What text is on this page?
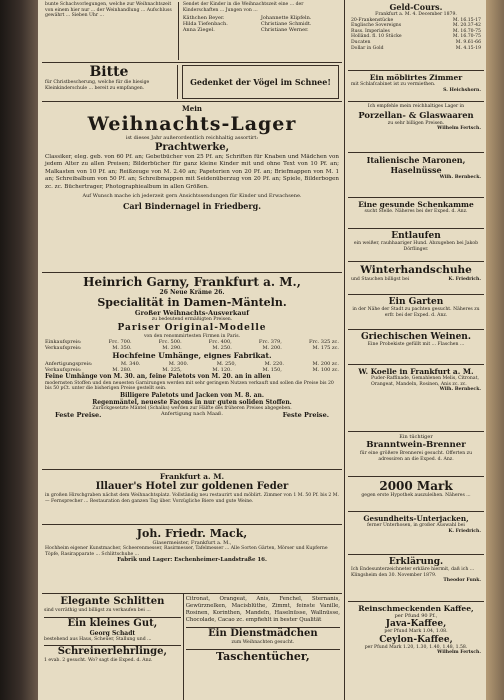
bunte Schachvorlegungen, welche zur Weihnachtszeit von einem hier nur ... der Weinhandlung ... Aufschluss gewährt ... Sieben Uhr ...
Sendet der Kinder in die Weihnachtszeit eine ... der Kinderschaften ... Jungen von ...
Käthchen Beyer.	Johannette Klipfeln.
Hilda Tiefenbach.	Christiane Schmidt.
Anna Ziegel.	Christiane Werner.
Bitte
für Christbescherung, welche für die hiesige Kleinkinderschule ... bereit zu empfangen.
Gedenket der Vögel im Schnee!
Mein
Weihnachts-Lager
ist dieses Jahr außerordentlich reichhaltig assortirt:
Prachtwerke,
Classiker, eleg. geb. von 60 Pf. an; Gebetbücher von 25 Pf. an; Schriften für Knaben und Mädchen von jedem Alter zu allen Preisen; Bilderbücher für ganz kleine Kinder mit und ohne Text von 10 Pf. an; Malkasten von 10 Pf. an; Reißzeuge von M. 2.40 an; Papeterien von 20 Pf. an; Briefmappen von M. 1 an; Schreibalbum von 50 Pf. an; Schreibmappen mit Seidenüberzug von 20 Pf. an; Spiele, Bilderbogen zc. zc. Büchertrager, Photographiealbum in allen Größen.
Auf Wunsch mache ich jederzeit gern Ansichtssendungen für Kinder und Erwachsene.
Carl Bindernagel in Friedberg.
Heinrich Garny, Frankfurt a. M.,
26 Neue Kräme 26.
Specialität in Damen-Mänteln.
Großer Weihnachts-Ausverkauf
zu bedeutend ermäßigten Preisen.
Pariser Original-Modelle
von den renommirtesten Firmen in Paris.
Einkaufspreis:	Frc. 700.	Frc. 500.	Frc. 400,	Frc. 379,	Frc. 325 zc.
Verkaufspreis:	M. 350.	M. 290.	M. 250.	M. 200.	M. 175 zc.
Hochfeine Umhänge, eignes Fabrikat.
Anfertigungspreis:	M. 340.	M. 300.	M. 250,	M. 220.	M. 200 zc.
Verkaufspreis:	M. 280.	M. 225,	M. 120.	M. 150,	M. 100 zc.
Feine Umhänge von M. 30. an, feine Paletots von M. 20. an in allen
modernsten Stoffen und den neuesten Garnirungen werden mit sehr geringem Nutzen verkauft und sollen die Preise bis 20 bis 50 pCt. unter die bisherigen Preise gestellt sein.
Billigere Paletots und Jacken von M. 8. an.
Regenmäntel, neueste Façons in nur guten soliden Stoffen.
Zurückgesetzte Mäntel (Schalks) werden zur Hälfte des früheren Preises abgegeben.
Feste Preise.	Anfertigung nach Maaß.	Feste Preise.
Frankfurt a. M.
Illauer's Hotel zur goldenen Feder
in großen Hirschgraben nächst dem Weihnachtsplatz. Vollständig neu restaurirt und möblirt. Zimmer von 1 M. 50 Pf. bis 2 M. — Fernsprecher ... Restauration den ganzen Tag über. Vorzügliche Biere und gute Weine.
Joh. Friedr. Mack,
Glasermeister, Frankfurt a. M.,
Hochheim eigener Kunstmacher, Scheerenmesser, Rasirmesser, Tafelmesser ... Alle Sorten Gärten, Mörser und Kupferne Töpfe, Rasirapparate ... Schlittschuhe ...
Fabrik und Lager: Eschenheimer-Landstraße 16.
Elegante Schlitten
sind vorräthig und billigst zu verkaufen bei ...
Ein kleines Gut,
Georg Schadt
bestehend aus Haus, Scheuer, Stallung und ...
Schreinerlehrlinge,
1 evab. 2 gesucht. Wo? sagt die Exped. d. Anz.
Citronat, Orangeat, Anis, Fenchel, Sternanis, Gewürznelken, Macisblüthe, Zimmt, feinste Vanille, Rosinen, Korinthen, Mandeln, Haselnüsse, Wallnüsse, Chocolade, Cacao zc. empfiehlt in bester Qualität
Ein Dienstmädchen
zum Weihnachten gesucht.
Taschentücher,
Geld-Cours.
Frankfurt a. M. 4. December 1879.
20-Frankenstücke	M. 16.15-17
Englische Sovereigns	M. 20.37-42
Russ. Imperiales	M. 16.70-75
Holländ. fl. 10 Stücke	M. 16.70-75
Ducaten	M. 9.61-66
Dollar in Gold	M. 4.15-19
Ein möblirtes Zimmer
mit Schlafcabinet ist zu vermiethen.
S. Heichshorn.
Ich empfehle mein reichhaltiges Lager in
Porzellan- & Glaswaaren
zu sehr billigen Preisen.
Wilhelm Fertsch.
Italienische Maronen, Haselnüsse
Wilh. Bernbeck.
Eine gesunde Schenkamme
sucht Stelle. Näheres bei der Exped. d. Anz.
Entlaufen
ein weißer, rauhhaariger Hund. Abzugeben bei Jakob Dörflinger.
Winterhandschuhe
und Stauchen billigst bei	K. Friedrich.
Ein Garten
in der Nähe der Stadt zu pachten gesucht. Näheres zu erfr. bei der Exped. d. Anz.
Griechischen Weinen.
Eine Probekiste gefüllt mit ... Flaschen ...
W. Koelle in Frankfurt a. M.
Puder-Raffinade, Gemahlenen Melis, Citronat, Orangeat, Mandeln, Rosinen, Anis zc. zc.
Wilh. Bernbeck.
Ein tüchtiger
Branntwein-Brenner
für eine größere Brennerei gesucht. Offerten zu adressiren an die Exped. d. Anz.
2000 Mark
gegen erste Hypothek auszuleihen. Näheres ...
Gesundheits-Unterjacken,
ferner Unterhosen, in großer Auswahl bei
K. Friedrich.
Erklärung.
Ich Endesunterzeichneter erkläre hiermit, daß ich ... Klingsheim den 30. November 1879.
Theodor Funk.
Reinschmeckenden Kaffee,
per Pfund 90 Pf.,
Java-Kaffee,
per Pfund Mark 1.04, 1.08.
Ceylon-Kaffee,
per Pfund Mark 1.20, 1.30, 1.40, 1.48, 1.58.
Wilhelm Fertsch.
